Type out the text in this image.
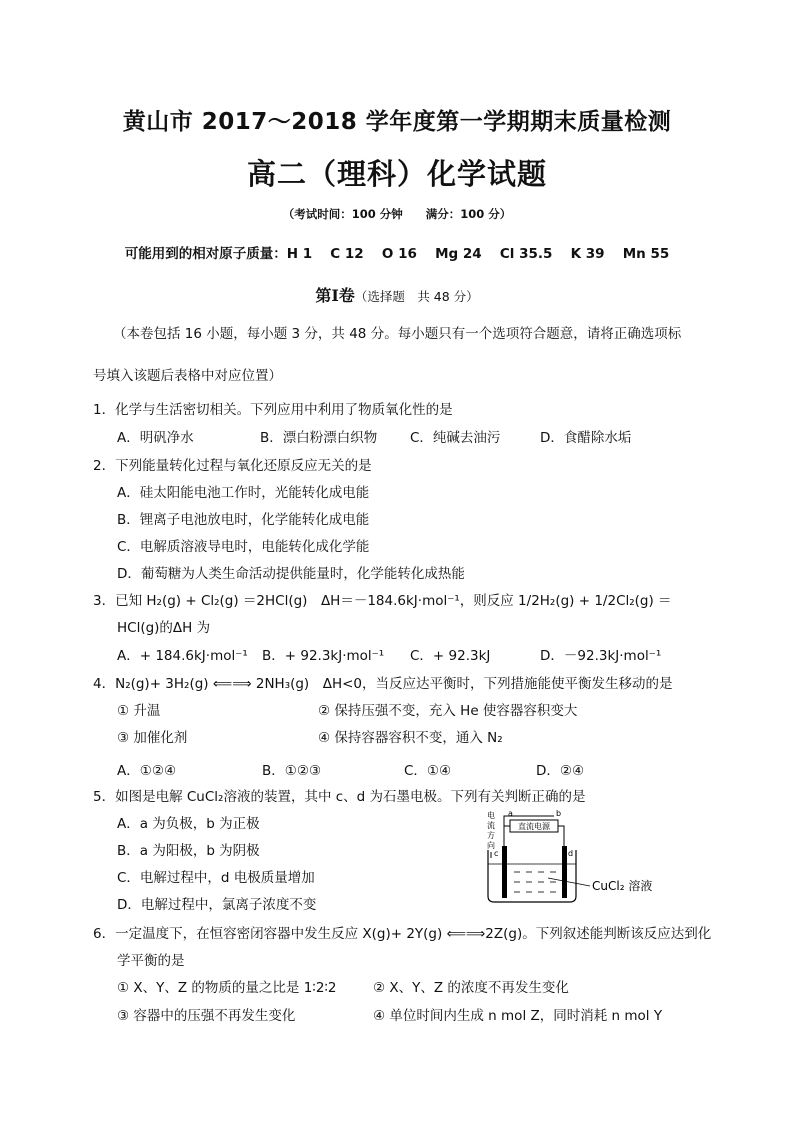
黄山市 2017～2018 学年度第一学期期末质量检测
高二（理科）化学试题
（考试时间：100 分钟　　满分：100 分）
可能用到的相对原子质量：H 1　 C 12　 O 16　 Mg 24　 Cl 35.5　 K 39　 Mn 55
第Ⅰ卷（选择题　共 48 分）
（本卷包括 16 小题，每小题 3 分，共 48 分。每小题只有一个选项符合题意，请将正确选项标
号填入该题后表格中对应位置）
1．化学与生活密切相关。下列应用中利用了物质氧化性的是
A．明矾净水	B．漂白粉漂白织物 C．纯碱去油污	D．食醋除水垢
2．下列能量转化过程与氧化还原反应无关的是
A．硅太阳能电池工作时，光能转化成电能
B．锂离子电池放电时，化学能转化成电能
C．电解质溶液导电时，电能转化成化学能
D．葡萄糖为人类生命活动提供能量时，化学能转化成热能
3．已知 H₂(g) + Cl₂(g) ＝2HCl(g)　ΔH＝－184.6kJ·mol⁻¹，则反应 1/2H₂(g) + 1/2Cl₂(g) ＝
HCl(g)的ΔH 为
A．+ 184.6kJ·mol⁻¹ B．+ 92.3kJ·mol⁻¹ C．+ 92.3kJ	D．－92.3kJ·mol⁻¹
4．N₂(g)+ 3H₂(g) ⟸⟹ 2NH₃(g)　ΔH<0，当反应达平衡时，下列措施能使平衡发生移动的是
① 升温	② 保持压强不变，充入 He 使容器容积变大
③ 加催化剂	④ 保持容器容积不变，通入 N₂
A．①②④	B．①②③	C．①④	D．②④
5．如图是电解 CuCl₂溶液的装置，其中 c、d 为石墨电极。下列有关判断正确的是
A．a 为负极，b 为正极
B．a 为阳极，b 为阴极
C．电解过程中，d 电极质量增加
D．电解过程中，氯离子浓度不变
电
流
方
向
直流电源
a	b
c	d
CuCl₂ 溶液
6．一定温度下，在恒容密闭容器中发生反应 X(g)+ 2Y(g) ⟸⟹2Z(g)。下列叙述能判断该反应达到化
学平衡的是
① X、Y、Z 的物质的量之比是 1∶2∶2	② X、Y、Z 的浓度不再发生变化
③ 容器中的压强不再发生变化	④ 单位时间内生成 n mol Z，同时消耗 n mol Y
